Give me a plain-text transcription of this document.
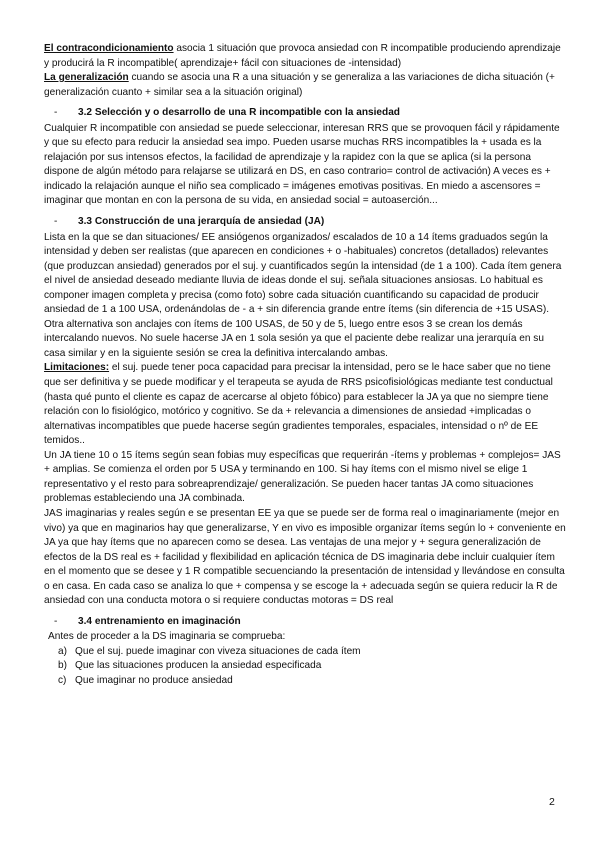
El contracondicionamiento asocia 1 situación que provoca ansiedad con R incompatible produciendo aprendizaje y producirá la R incompatible( aprendizaje+ fácil con situaciones de -intensidad)

La generalización cuando se asocia una R a una situación y se generaliza a las variaciones de dicha situación (+ generalización cuanto + similar sea a la situación original)

-	3.2 Selección y o desarrollo de una R incompatible con la ansiedad

Cualquier R incompatible con ansiedad se puede seleccionar, interesan RRS que se provoquen fácil y rápidamente y que su efecto para reducir la ansiedad sea impo. Pueden usarse muchas RRS incompatibles la + usada es la relajación por sus intensos efectos, la facilidad de aprendizaje y la rapidez con la que se aplica (si la persona dispone de algún método para relajarse se utilizará en DS, en caso contrario= control de activación) A veces es + indicado la relajación aunque el niño sea complicado = imágenes emotivas positivas. En miedo a ascensores = imaginar que montan en con la persona de su vida, en ansiedad social = autoaserción...

-	3.3 Construcción de una jerarquía de ansiedad (JA)

Lista en la que se dan situaciones/ EE ansiógenos organizados/ escalados de 10 a 14 ítems graduados según la intensidad y deben ser realistas (que aparecen en condiciones + o -habituales) concretos (detallados) relevantes (que produzcan ansiedad) generados por el suj. y cuantificados según la intensidad (de 1 a 100). Cada ítem genera el nivel de ansiedad deseado mediante lluvia de ideas donde el suj. señala situaciones ansiosas. Lo habitual es componer imagen completa y precisa (como foto) sobre cada situación cuantificando su capacidad de producir ansiedad de 1 a 100 USA, ordenándolas de - a + sin diferencia grande entre ítems (sin diferencia de +15 USAS). Otra alternativa son anclajes con ítems de 100 USAS, de 50 y de 5, luego entre esos 3 se crean los demás intercalando nuevos. No suele hacerse JA en 1 sola sesión ya que el paciente debe realizar una jerarquía en su casa similar y en la siguiente sesión se crea la definitiva intercalando ambas.

Limitaciones: el suj. puede tener poca capacidad para precisar la intensidad, pero se le hace saber que no tiene que ser definitiva y se puede modificar y el terapeuta se ayuda de RRS psicofisiológicas mediante test conductual (hasta qué punto el cliente es capaz de acercarse al objeto fóbico) para establecer la JA ya que no siempre tiene relación con lo fisiológico, motórico y cognitivo. Se da + relevancia a dimensiones de ansiedad +implicadas o alternativas incompatibles que puede hacerse según gradientes temporales, espaciales, intensidad o nº de EE temidos..

Un JA tiene 10 o 15 ítems según sean fobias muy específicas que requerirán -ítems y problemas + complejos= JAS + amplias. Se comienza el orden por 5 USA y terminando en 100. Si hay ítems con el mismo nivel se elige 1 representativo y el resto para sobreaprendizaje/ generalización. Se pueden hacer tantas JA como situaciones problemas estableciendo una JA combinada.

JAS imaginarias y reales según e se presentan EE ya que se puede ser de forma real o imaginariamente (mejor en vivo) ya que en maginarios hay que generalizarse, Y en vivo es imposible organizar ítems según lo + conveniente en JA ya que hay ítems que no aparecen como se desea. Las ventajas de una mejor y + segura generalización de efectos de la DS real es + facilidad y flexibilidad en aplicación técnica de DS imaginaria debe incluir cualquier ítem en el momento que se desee y 1 R compatible secuenciando la presentación de intensidad y llevándose en consulta o en casa. En cada caso se analiza lo que + compensa y se escoge la + adecuada según se quiera reducir la R de ansiedad con una conducta motora o si requiere conductas motoras = DS real

-	3.4 entrenamiento en imaginación

Antes de proceder a la DS imaginaria se comprueba:

a) Que el suj. puede imaginar con viveza situaciones de cada ítem
b) Que las situaciones producen la ansiedad especificada
c) Que imaginar no produce ansiedad
2
